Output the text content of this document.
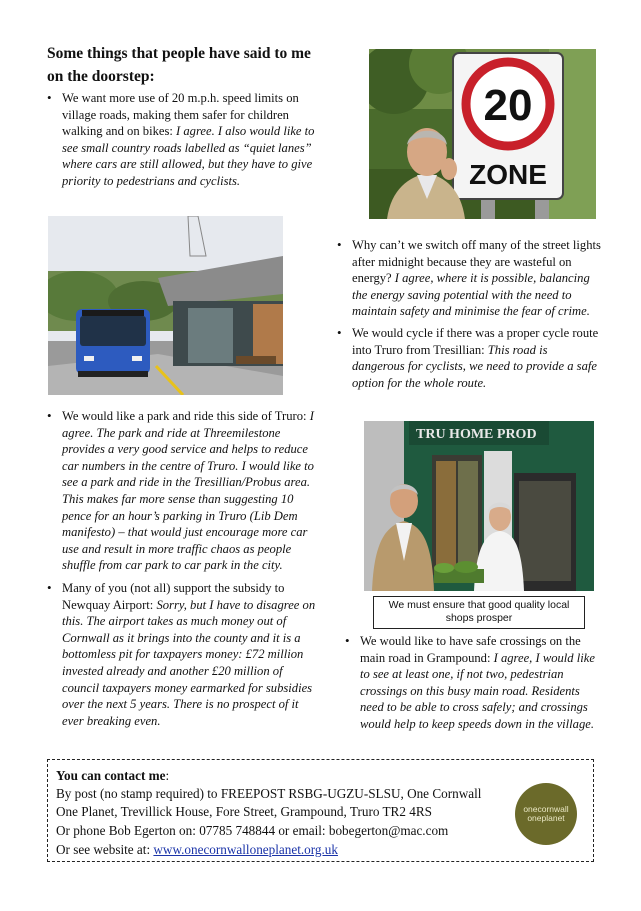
Some things that people have said to me on the doorstep:
• We want more use of 20 m.p.h. speed limits on village roads, making them safer for children walking and on bikes: I agree. I also would like to see small country roads labelled as “quiet lanes” where cars are still allowed, but they have to give priority to pedestrians and cyclists.
• We would like a park and ride this side of Truro: I agree. The park and ride at Threemilestone provides a very good service and helps to reduce car numbers in the centre of Truro. I would like to see a park and ride in the Tresillian/Probus area. This makes far more sense than suggesting 10 pence for an hour’s parking in Truro (Lib Dem manifesto) – that would just encourage more car use and result in more traffic chaos as people shuffle from car park to car park in the city.
• Many of you (not all) support the subsidy to Newquay Airport: Sorry, but I have to disagree on this. The airport takes as much money out of Cornwall as it brings into the county and it is a bottomless pit for taxpayers money: £72 million invested already and another £20 million of council taxpayers money earmarked for subsidies over the next 5 years. There is no prospect of it ever breaking even.
• Why can’t we switch off many of the street lights after midnight because they are wasteful on energy? I agree, where it is possible, balancing the energy saving potential with the need to maintain safety and minimise the fear of crime.
• We would cycle if there was a proper cycle route into Truro from Tresillian: This road is dangerous for cyclists, we need to provide a safe option for the whole route.
• We would like to have safe crossings on the main road in Grampound: I agree, I would like to see at least one, if not two, pedestrian crossings on this busy main road. Residents need to be able to cross safely; and crossings would help to keep speeds down in the village.
20
ZONE
TRU HOME PROD
We must ensure that good quality local shops prosper
You can contact me:
By post (no stamp required) to FREEPOST RSBG-UGZU-SLSU, One Cornwall
One Planet, Trevillick House, Fore Street, Grampound, Truro TR2 4RS
Or phone Bob Egerton on: 07785 748844 or email: bobegerton@mac.com
Or see website at: www.onecornwalloneplanet.org.uk
onecornwall
oneplanet
